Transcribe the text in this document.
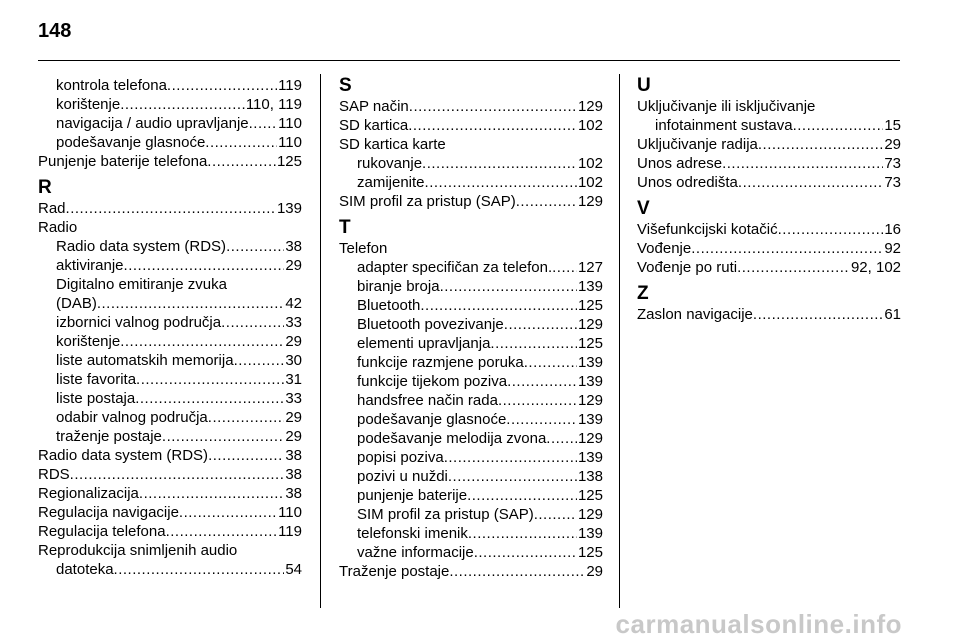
148
kontrola telefona .....	119
korištenje .....	110, 119
navigacija / audio upravljanje ..... 110
podešavanje glasnoće .....	110
Punjenje baterije telefona .....	125
R
Rad .....	139
Radio
Radio data system (RDS) .....	38
aktiviranje .....	29
Digitalno emitiranje zvuka
(DAB) .....	42
izbornici valnog područja .....	33
korištenje .....	29
liste automatskih memorija .....	30
liste favorita .....	31
liste postaja .....	33
odabir valnog područja .....	29
traženje postaje .....	29
Radio data system (RDS) .....	38
RDS .....	38
Regionalizacija .....	38
Regulacija navigacije .....	110
Regulacija telefona .....	119
Reprodukcija snimljenih audio
datoteka .....	54
S
SAP način .....	129
SD kartica .....	102
SD kartica karte
rukovanje .....	102
zamijenite .....	102
SIM profil za pristup (SAP) .....	129
T
Telefon
adapter specifičan za telefon. ..... 127
biranje broja .....	139
Bluetooth .....	125
Bluetooth povezivanje .....	129
elementi upravljanja .....	125
funkcije razmjene poruka .....	139
funkcije tijekom poziva .....	139
handsfree način rada .....	129
podešavanje glasnoće .....	139
podešavanje melodija zvona ..... 129
popisi poziva .....	139
pozivi u nuždi .....	138
punjenje baterije .....	125
SIM profil za pristup (SAP) .....	129
telefonski imenik .....	139
važne informacije .....	125
Traženje postaje .....	29
U
Uključivanje ili isključivanje
infotainment sustava .....	15
Uključivanje radija .....	29
Unos adrese .....	73
Unos odredišta .....	73
V
Višefunkcijski kotačić .....	16
Vođenje .....	92
Vođenje po ruti .....	92, 102
Z
Zaslon navigacije .....	61
carmanualsonline.info
